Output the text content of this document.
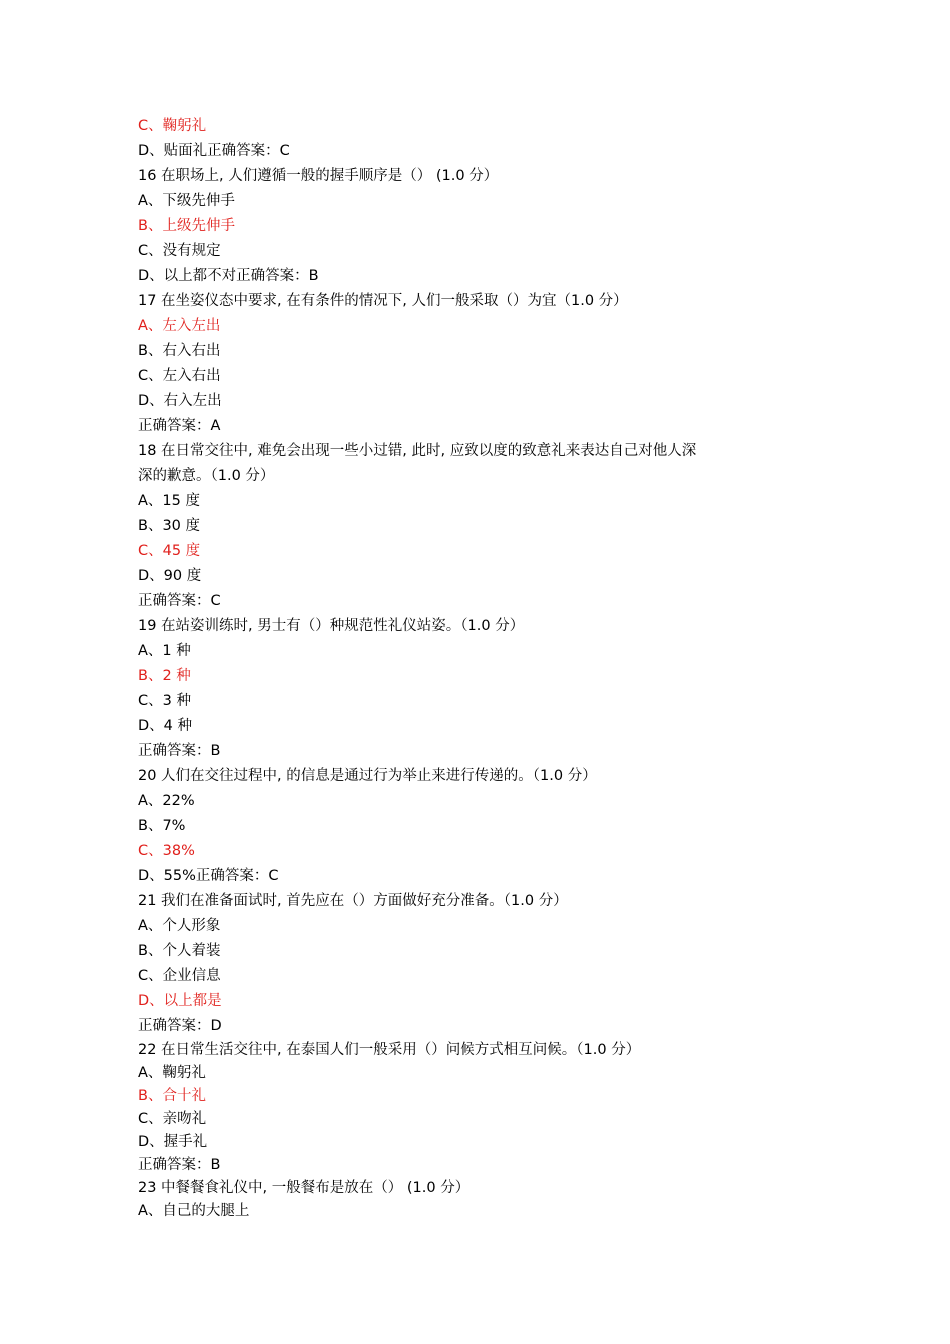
C、鞠躬礼
D、贴面礼正确答案：C
16 在职场上, 人们遵循一般的握手顺序是（） (1.0 分）
A、下级先伸手
B、上级先伸手
C、没有规定
D、以上都不对正确答案：B
17 在坐姿仪态中要求, 在有条件的情况下, 人们一般采取（）为宜（1.0 分）
A、左入左出
B、右入右出
C、左入右出
D、右入左出
正确答案：A
18 在日常交往中, 难免会出现一些小过错, 此时, 应致以度的致意礼来表达自己对他人深
深的歉意。（1.0 分）
A、15 度
B、30 度
C、45 度
D、90 度
正确答案：C
19 在站姿训练时, 男士有（）种规范性礼仪站姿。（1.0 分）
A、1 种
B、2 种
C、3 种
D、4 种
正确答案：B
20 人们在交往过程中, 的信息是通过行为举止来进行传递的。（1.0 分）
A、22%
B、7%
C、38%
D、55%正确答案：C
21 我们在准备面试时, 首先应在（）方面做好充分准备。（1.0 分）
A、个人形象
B、个人着装
C、企业信息
D、以上都是
正确答案：D
22 在日常生活交往中, 在泰国人们一般采用（）问候方式相互问候。（1.0 分）
A、鞠躬礼
B、合十礼
C、亲吻礼
D、握手礼
正确答案：B
23 中餐餐食礼仪中, 一般餐布是放在（） (1.0 分）
A、自己的大腿上
